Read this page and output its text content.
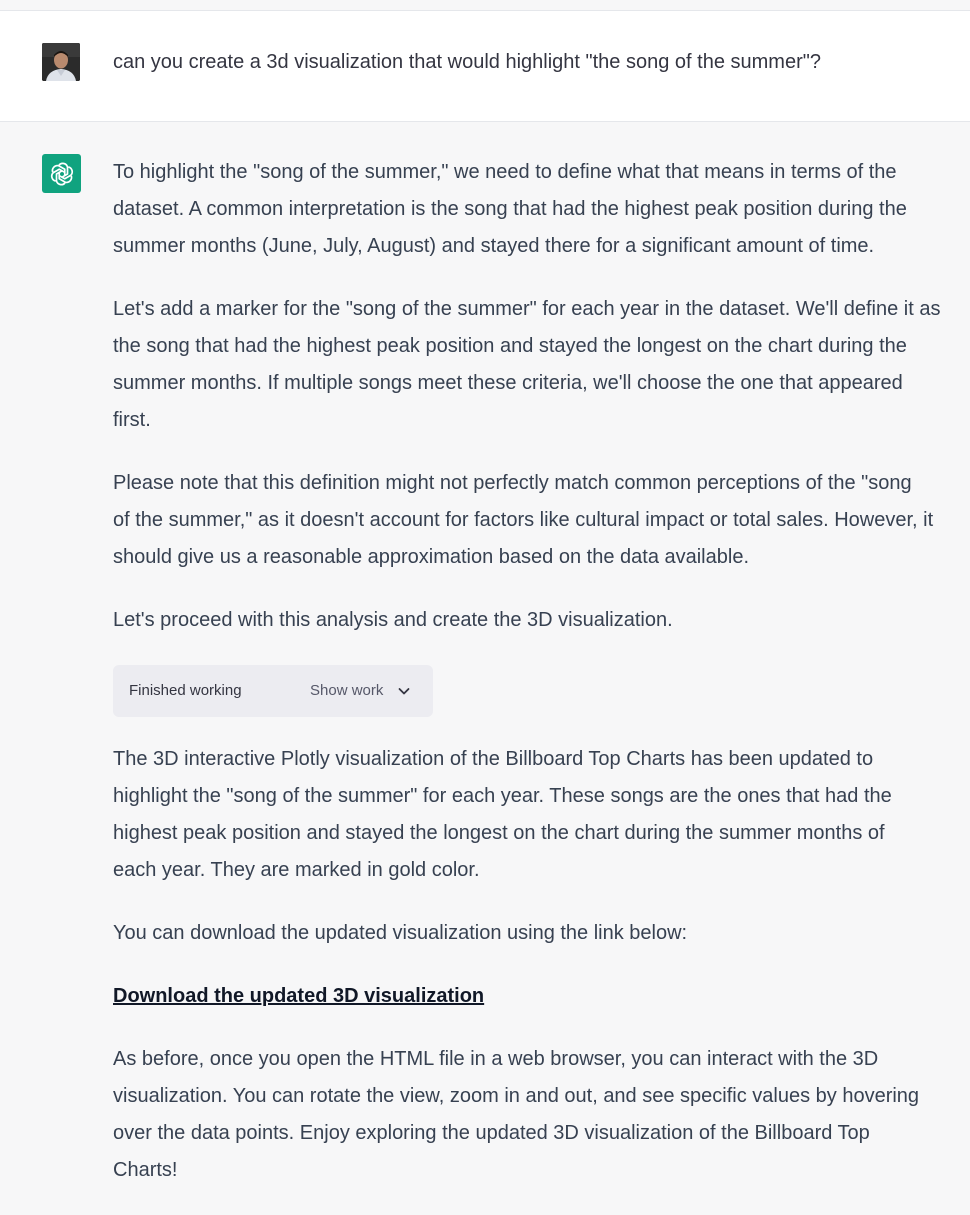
can you create a 3d visualization that would highlight "the song of the summer"?

To highlight the "song of the summer," we need to define what that means in terms of the
dataset. A common interpretation is the song that had the highest peak position during the
summer months (June, July, August) and stayed there for a significant amount of time.

Let's add a marker for the "song of the summer" for each year in the dataset. We'll define it as
the song that had the highest peak position and stayed the longest on the chart during the
summer months. If multiple songs meet these criteria, we'll choose the one that appeared
first.

Please note that this definition might not perfectly match common perceptions of the "song
of the summer," as it doesn't account for factors like cultural impact or total sales. However, it
should give us a reasonable approximation based on the data available.

Let's proceed with this analysis and create the 3D visualization.

Finished working	Show work

The 3D interactive Plotly visualization of the Billboard Top Charts has been updated to
highlight the "song of the summer" for each year. These songs are the ones that had the
highest peak position and stayed the longest on the chart during the summer months of
each year. They are marked in gold color.

You can download the updated visualization using the link below:

Download the updated 3D visualization

As before, once you open the HTML file in a web browser, you can interact with the 3D
visualization. You can rotate the view, zoom in and out, and see specific values by hovering
over the data points. Enjoy exploring the updated 3D visualization of the Billboard Top
Charts!
